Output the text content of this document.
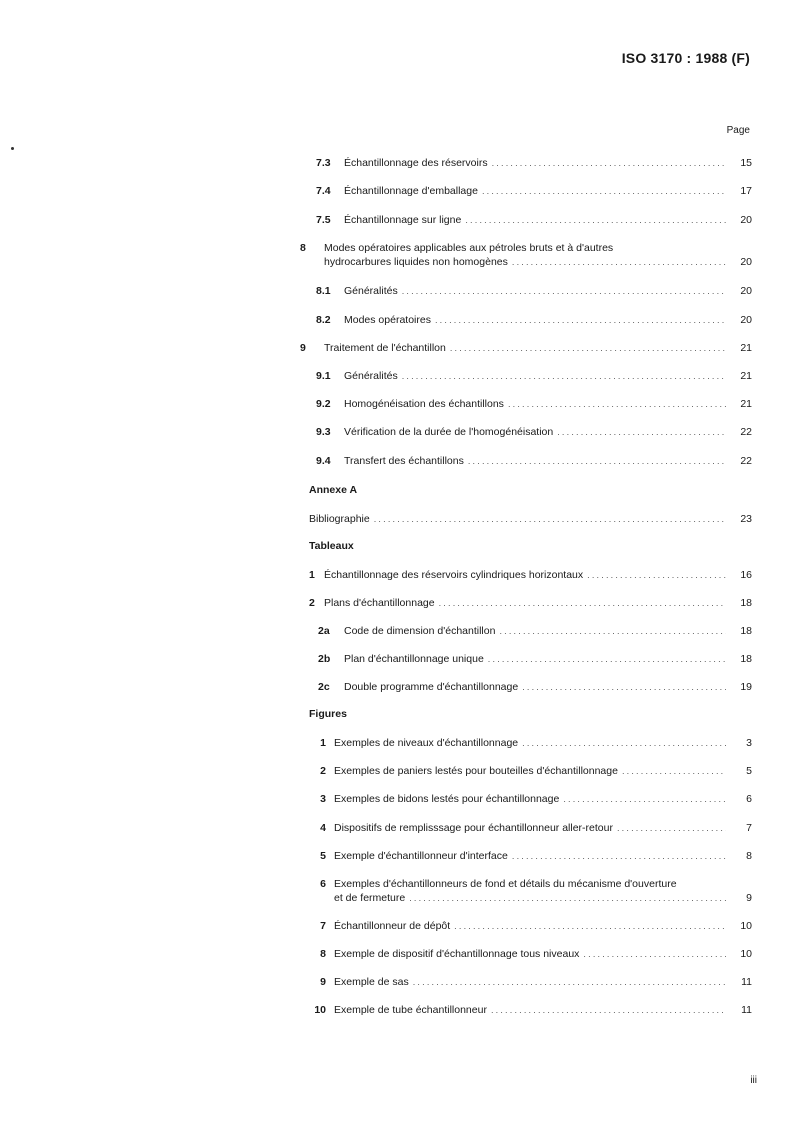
ISO 3170 : 1988 (F)
Page
7.3	Échantillonnage des réservoirs .....	15
7.4	Échantillonnage d'emballage .....	17
7.5	Échantillonnage sur ligne .....	20
8	Modes opératoires applicables aux pétroles bruts et à d'autres
hydrocarbures liquides non homogènes .....	20
8.1	Généralités .....	20
8.2	Modes opératoires .....	20
9	Traitement de l'échantillon .....	21
9.1	Généralités .....	21
9.2	Homogénéisation des échantillons .....	21
9.3	Vérification de la durée de l'homogénéisation .....	22
9.4	Transfert des échantillons .....	22
Annexe A
Bibliographie .....	23
Tableaux
1 Échantillonnage des réservoirs cylindriques horizontaux .....	16
2 Plans d'échantillonnage .....	18
2a	Code de dimension d'échantillon .....	18
2b	Plan d'échantillonnage unique .....	18
2c	Double programme d'échantillonnage .....	19
Figures
1 Exemples de niveaux d'échantillonnage .....	3
2 Exemples de paniers lestés pour bouteilles d'échantillonnage .....	5
3 Exemples de bidons lestés pour échantillonnage .....	6
4 Dispositifs de remplisssage pour échantillonneur aller-retour .....	7
5 Exemple d'échantillonneur d'interface .....	8
6 Exemples d'échantillonneurs de fond et détails du mécanisme d'ouverture
et de fermeture .....	9
7 Échantillonneur de dépôt .....	10
8 Exemple de dispositif d'échantillonnage tous niveaux .....	10
9 Exemple de sas .....	11
10 Exemple de tube échantillonneur .....	11
iii
